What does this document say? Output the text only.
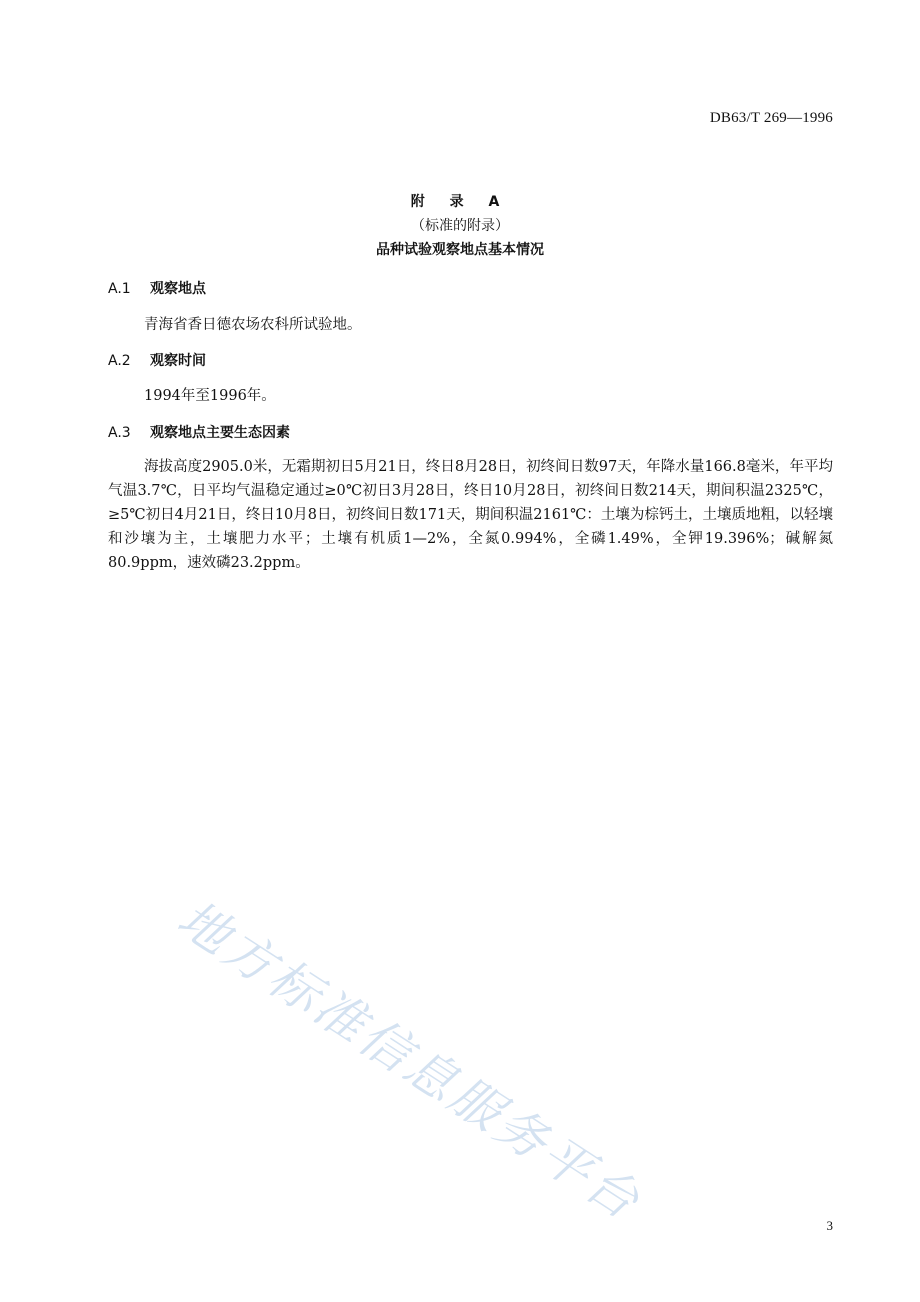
DB63/T 269—1996
附 录 A
（标准的附录）
品种试验观察地点基本情况
A.1 观察地点
青海省香日德农场农科所试验地。
A.2 观察时间
1994年至1996年。
A.3 观察地点主要生态因素
海拔高度2905.0米，无霜期初日5月21日，终日8月28日，初终间日数97天，年降水量166.8毫米，年平均气温3.7℃，日平均气温稳定通过≥0℃初日3月28日，终日10月28日，初终间日数214天，期间积温2325℃，≥5℃初日4月21日，终日10月8日，初终间日数171天，期间积温2161℃：土壤为棕钙土，土壤质地粗，以轻壤和沙壤为主，土壤肥力水平；土壤有机质1—2%，全氮0.994%，全磷1.49%，全钾19.396%；碱解氮80.9ppm，速效磷23.2ppm。
地方标准信息服务平台	3
